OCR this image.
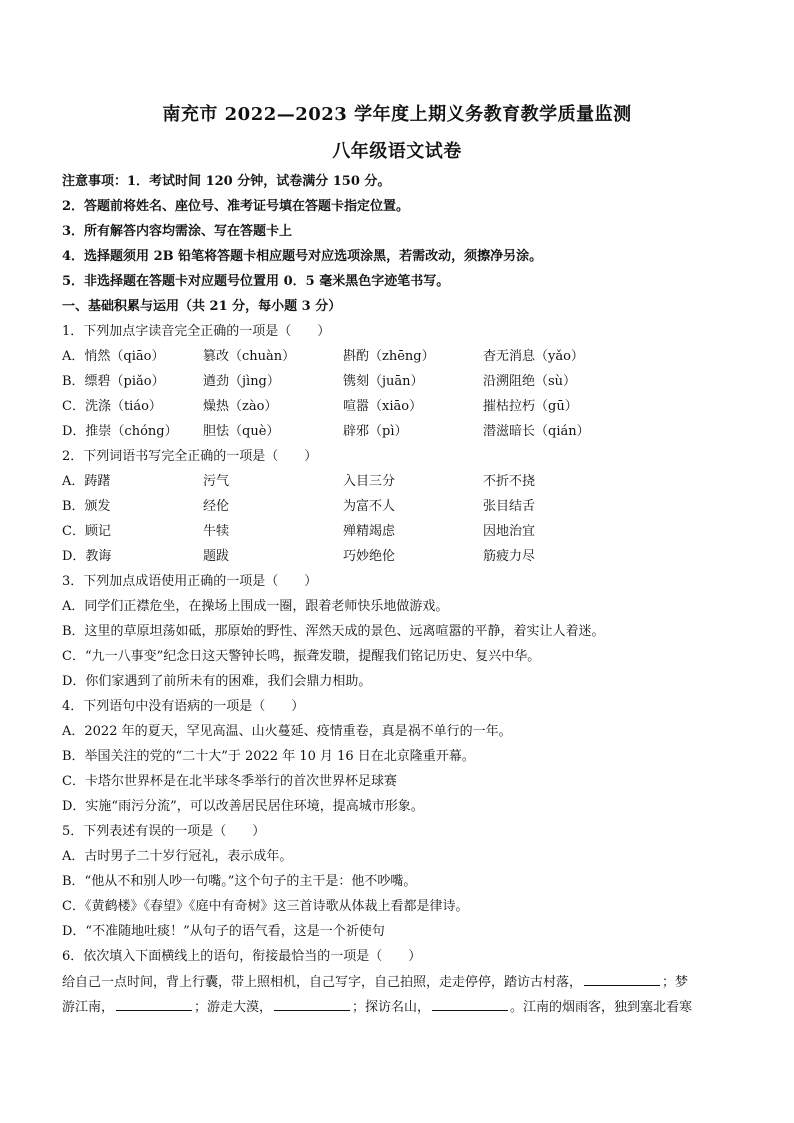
南充市 2022—2023 学年度上期义务教育教学质量监测
八年级语文试卷
注意事项：1．考试时间 120 分钟，试卷满分 150 分。
2．答题前将姓名、座位号、准考证号填在答题卡指定位置。
3．所有解答内容均需涂、写在答题卡上
4．选择题须用 2B 铅笔将答题卡相应题号对应选项涂黑，若需改动，须擦净另涂。
5．非选择题在答题卡对应题号位置用 0．5 毫米黑色字迹笔书写。
一、基础积累与运用（共 21 分，每小题 3 分）
1．下列加点字读音完全正确的一项是（　　）
A．悄然（qiāo）	篡改（chuàn）	斟酌（zhēng）	杳无消息（yǎo）
B．缥碧（piǎo）	遒劲（jìng）	镌刻（juān）	沿溯阻绝（sù）
C．洗涤（tiáo）	燥热（zào）	喧嚣（xiāo）	摧枯拉朽（gū）
D．推崇（chóng） 胆怯（què）	辟邪（pì）	潜滋暗长（qián）
2．下列词语书写完全正确的一项是（　　）
A．踌躇	污气	入目三分	不折不挠
B．颁发	经伦	为富不人	张目结舌
C．顾记	牛犊	殚精竭虑	因地治宜
D．教诲	题跋	巧妙绝伦	筋疲力尽
3．下列加点成语使用正确的一项是（　　）
A．同学们正襟危坐，在操场上围成一圈，跟着老师快乐地做游戏。
B．这里的草原坦荡如砥，那原始的野性、浑然天成的景色、远离喧嚣的平静，着实让人着迷。
C．“九一八事变”纪念日这天警钟长鸣，振聋发聩，提醒我们铭记历史、复兴中华。
D．你们家遇到了前所未有的困难，我们会鼎力相助。
4．下列语句中没有语病的一项是（　　）
A．2022 年的夏天，罕见高温、山火蔓延、疫情重卷，真是祸不单行的一年。
B．举国关注的党的“二十大”于 2022 年 10 月 16 日在北京隆重开幕。
C．卡塔尔世界杯是在北半球冬季举行的首次世界杯足球赛
D．实施“雨污分流”，可以改善居民居住环境，提高城市形象。
5．下列表述有误的一项是（　　）
A．古时男子二十岁行冠礼，表示成年。
B．“他从不和别人吵一句嘴。”这个句子的主干是：他不吵嘴。
C．《黄鹤楼》《春望》《庭中有奇树》这三首诗歌从体裁上看都是律诗。
D．“不准随地吐痰！”从句子的语气看，这是一个祈使句
6．依次填入下面横线上的语句，衔接最恰当的一项是（　　）
给自己一点时间，背上行囊，带上照相机，自己写字，自己拍照，走走停停，踏访古村落，	；梦
游江南，	；游走大漠，	；探访名山，	。江南的烟雨客，独到塞北看寒
